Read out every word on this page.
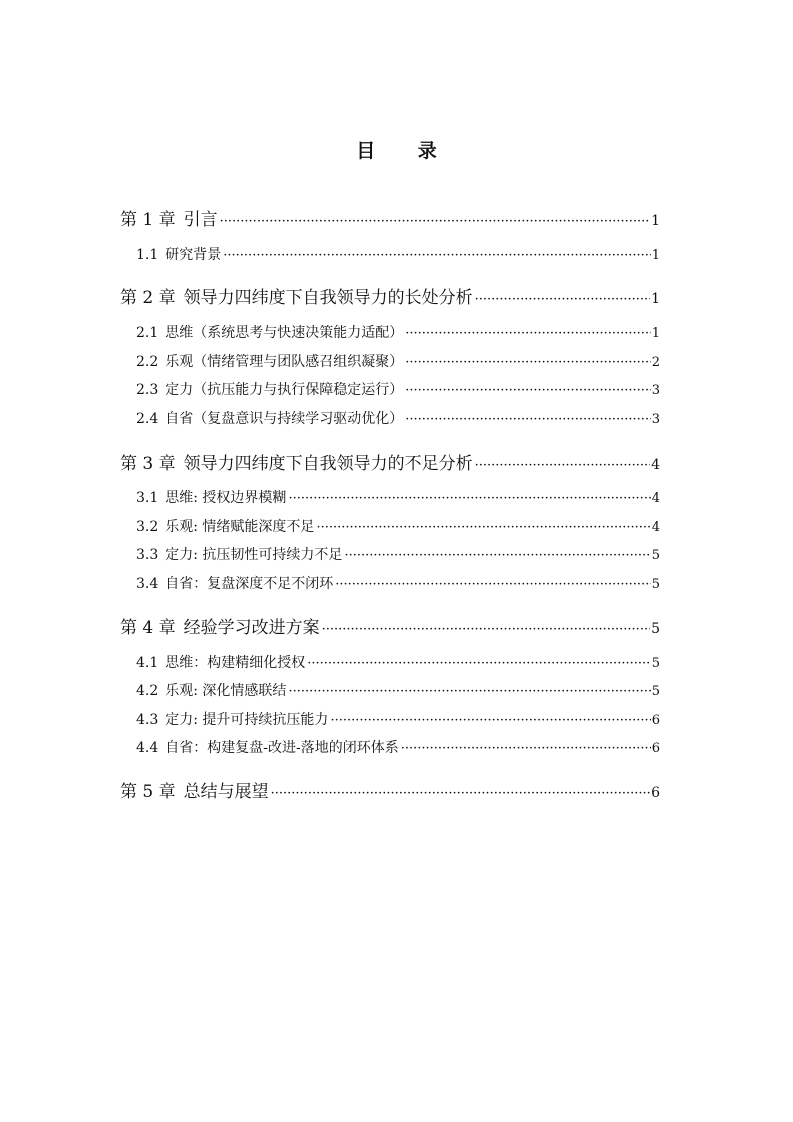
目 录
第 1 章 引言 ·····	1
1.1 研究背景 ·····	1
第 2 章 领导力四纬度下自我领导力的长处分析 ·····	1
2.1 思维（系统思考与快速决策能力适配） ·····	1
2.2 乐观（情绪管理与团队感召组织凝聚） ·····	2
2.3 定力（抗压能力与执行保障稳定运行） ·····	3
2.4 自省（复盘意识与持续学习驱动优化） ·····	3
第 3 章 领导力四纬度下自我领导力的不足分析 ·····	4
3.1 思维: 授权边界模糊 ·····	4
3.2 乐观: 情绪赋能深度不足 ·····	4
3.3 定力: 抗压韧性可持续力不足 ·····	5
3.4 自省：复盘深度不足不闭环 ·····	5
第 4 章 经验学习改进方案 ·····	5
4.1 思维：构建精细化授权 ·····	5
4.2 乐观: 深化情感联结 ·····	5
4.3 定力: 提升可持续抗压能力 ·····	6
4.4 自省：构建复盘-改进-落地的闭环体系 ·····	6
第 5 章 总结与展望 ·····	6
